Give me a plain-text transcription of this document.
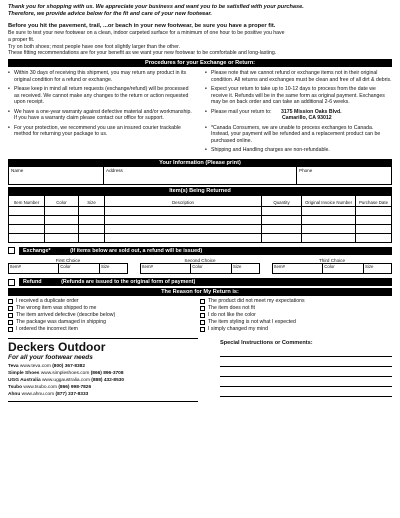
Thank you for shopping with us. We appreciate your business and want you to be satisfied with your purchase.
Therefore, we provide advice below for the fit and care of your new footwear.
Before you hit the pavement, trail, ...or beach in your new footwear, be sure you have a proper fit.
Be sure to test your new footwear on a clean, indoor carpeted surface for a minimum of one hour to be positive you have
a proper fit.
Try on both shoes; most people have one foot slightly larger than the other.
These fitting recommendations are for your benefit as we want your new footwear to be comfortable and long-lasting.
Procedures for your Exchange or Return:
• Within 30 days of receiving this shipment, you may return any product in its original condition for a refund or exchange.
• Please keep in mind all return requests (exchange/refund) will be processed as received. We cannot make any changes to the return or action requested upon receipt.
• We have a one-year warranty against defective material and/or workmanship. If you have a warranty claim please contact our office for support.
• For your protection, we recommend you use an insured courier trackable method for returning your package to us.
• Please note that we cannot refund or exchange items not in their original condition. All returns and exchanges must be clean and free of all dirt & debris.
• Expect your return to take up to 10-12 days to process from the date we receive it. Refunds will be in the same form as original payment. Exchanges may be on back order and can take an additional 2-6 weeks.
• Please mail your return to: 3175 Mission Oaks Blvd.
Camarillo, CA 93012
• *Canada Consumers, we are unable to process exchanges to Canada. Instead, your payment will be refunded and a replacement product can be purchased online.
• Shipping and Handling charges are non-refundable.
Your Information (Please print)
Name	Address	Phone
Item(s) Being Returned
Item Number	Color	Size	Description	Quantity	Original Invoice Number	Purchase Date

Exchange*	(If items below are sold out, a refund will be issued)
First Choice
Item#	Color	Size
Second Choice
Item#	Color	Size
Third Choice
Item#	Color	Size
Refund	(Refunds are issued to the original form of payment)
The Reason for My Return is:
I received a duplicate order
The wrong item was shipped to me
The item arrived defective (describe below)
The package was damaged in shipping
I ordered the incorrect item
The product did not meet my expectations
The item does not fit
I do not like the color
The item styling is not what I expected
I simply changed my mind
Deckers Outdoor
For all your footwear needs
Teva www.teva.com (800) 367-8382
Simple Shoes www.simpleshoes.com (866) 896-3708
UGG Australia www.uggaustralia.com (888) 432-8530
Tsubo www.tsubo.com (866) 998-7826
Ahnu www.ahnu.com (877) 337-8333
Special Instructions or Comments:
